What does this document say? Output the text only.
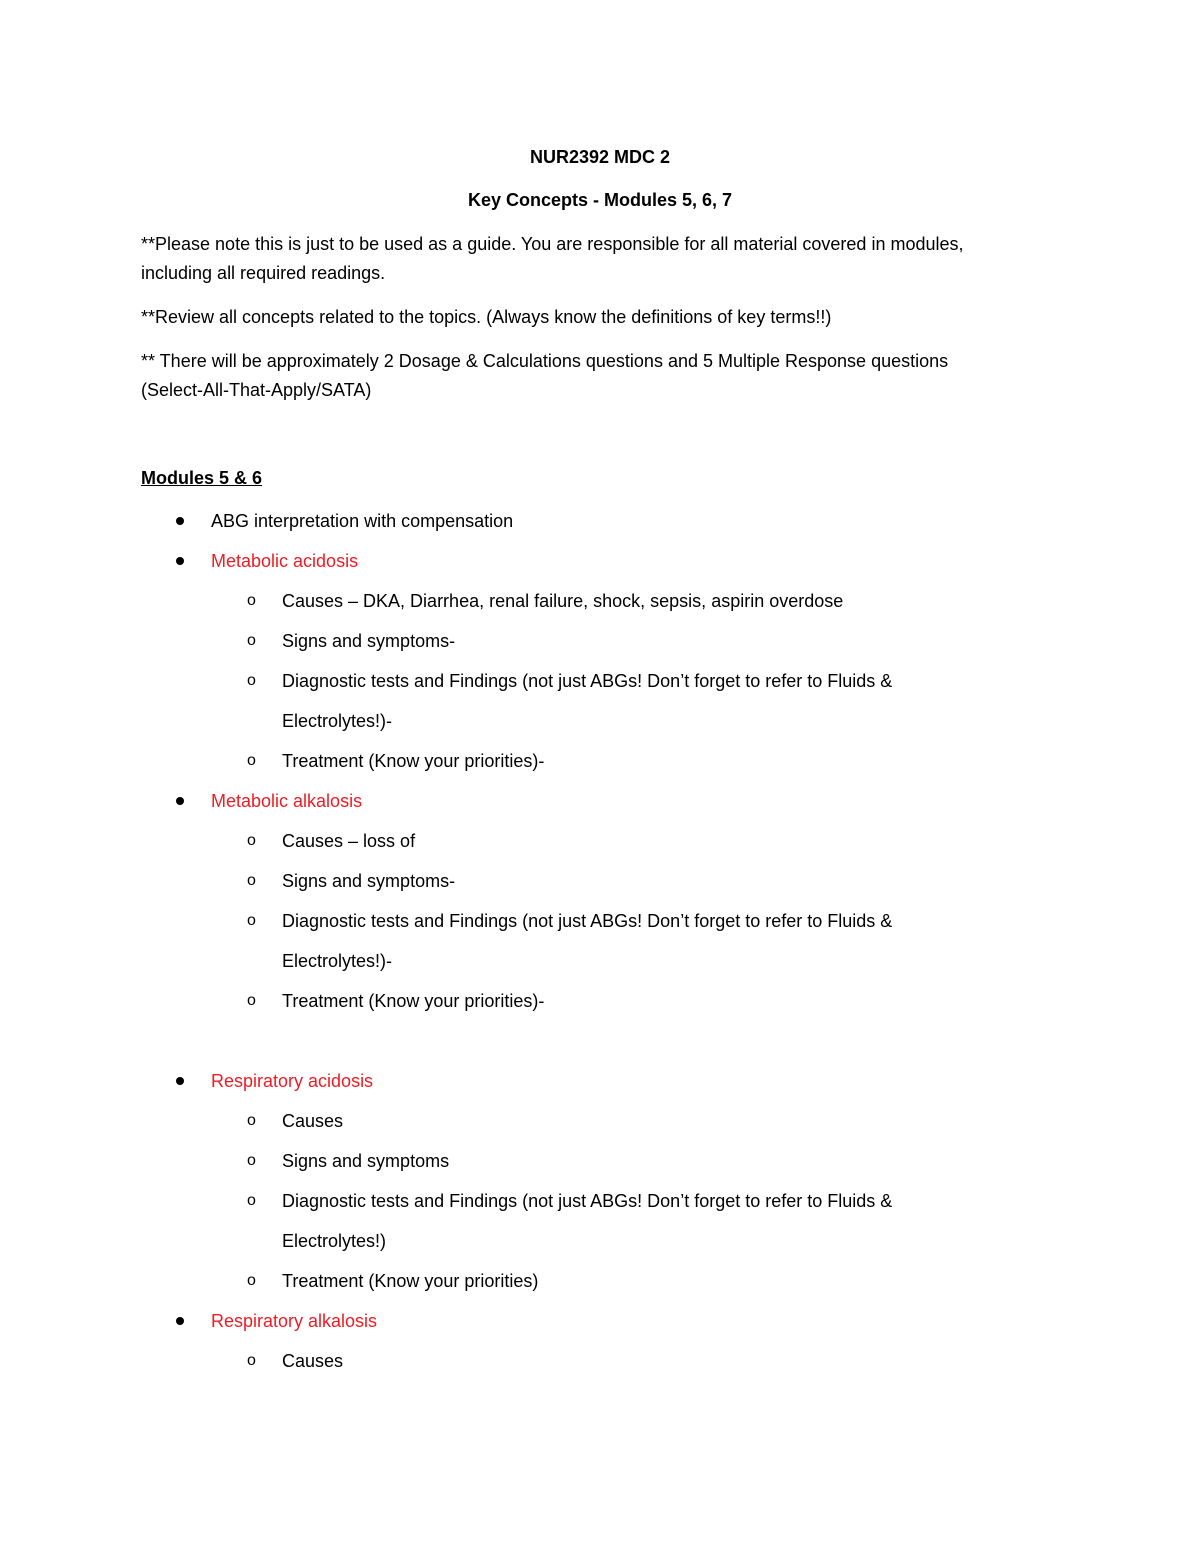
NUR2392 MDC 2
Key Concepts - Modules 5, 6, 7
**Please note this is just to be used as a guide. You are responsible for all material covered in modules,
including all required readings.
**Review all concepts related to the topics. (Always know the definitions of key terms!!)
** There will be approximately 2 Dosage & Calculations questions and 5 Multiple Response questions
(Select-All-That-Apply/SATA)
Modules 5 & 6
ABG interpretation with compensation
Metabolic acidosis
o Causes – DKA, Diarrhea, renal failure, shock, sepsis, aspirin overdose
o Signs and symptoms-
o Diagnostic tests and Findings (not just ABGs! Don’t forget to refer to Fluids &
Electrolytes!)-
o Treatment (Know your priorities)-
Metabolic alkalosis
o Causes – loss of
o Signs and symptoms-
o Diagnostic tests and Findings (not just ABGs! Don’t forget to refer to Fluids &
Electrolytes!)-
o Treatment (Know your priorities)-
Respiratory acidosis
o Causes
o Signs and symptoms
o Diagnostic tests and Findings (not just ABGs! Don’t forget to refer to Fluids &
Electrolytes!)
o Treatment (Know your priorities)
Respiratory alkalosis
o Causes
